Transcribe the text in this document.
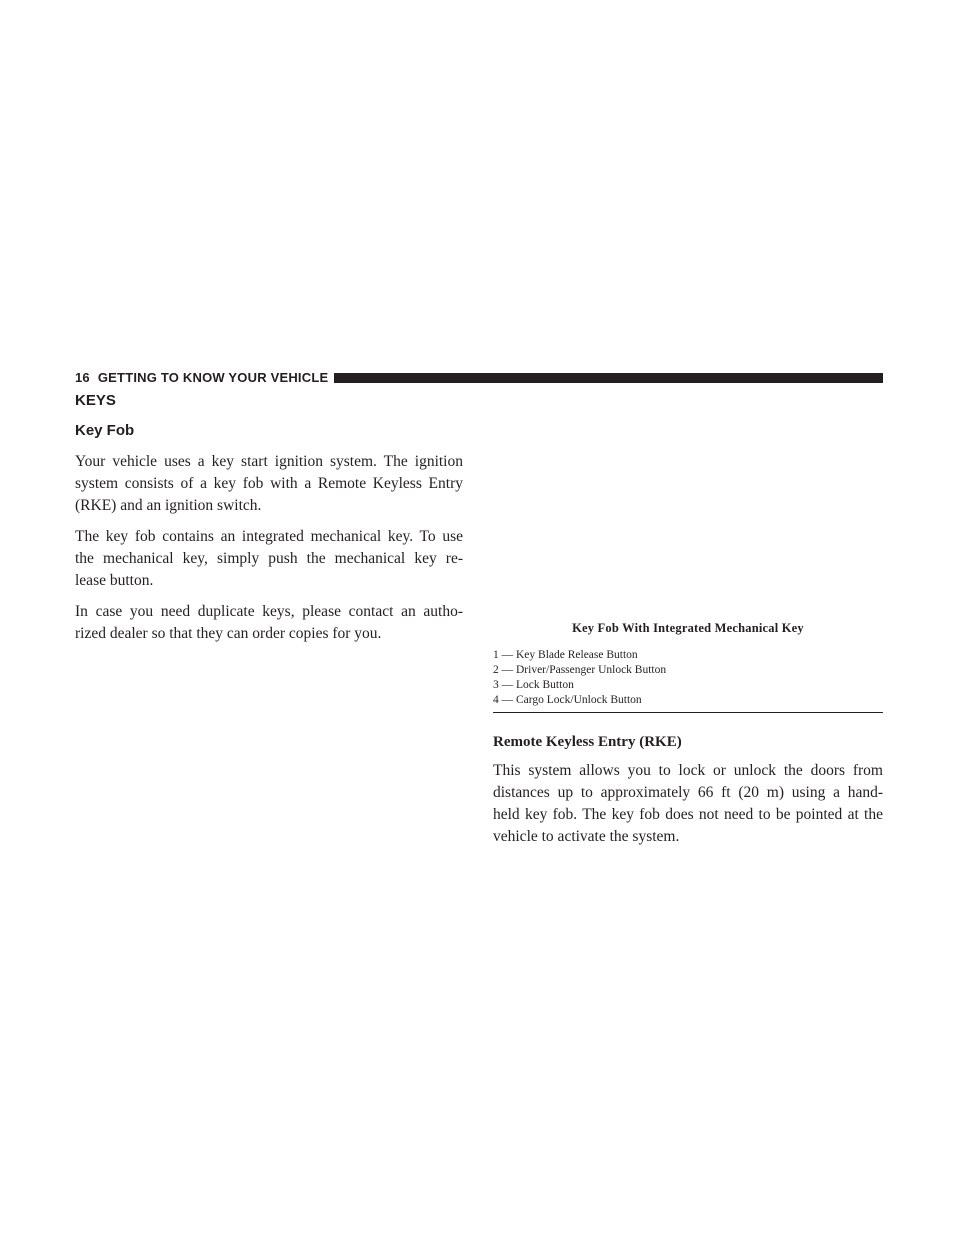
16 GETTING TO KNOW YOUR VEHICLE
KEYS
Key Fob

Your vehicle uses a key start ignition system. The ignition
system consists of a key fob with a Remote Keyless Entry
(RKE) and an ignition switch.

The key fob contains an integrated mechanical key. To use
the mechanical key, simply push the mechanical key re-
lease button.

In case you need duplicate keys, please contact an autho-
rized dealer so that they can order copies for you.	Key Fob With Integrated Mechanical Key

1 — Key Blade Release Button
2 — Driver/Passenger Unlock Button
3 — Lock Button
4 — Cargo Lock/Unlock Button
Remote Keyless Entry (RKE)

This system allows you to lock or unlock the doors from
distances up to approximately 66 ft (20 m) using a hand-
held key fob. The key fob does not need to be pointed at the
vehicle to activate the system.
